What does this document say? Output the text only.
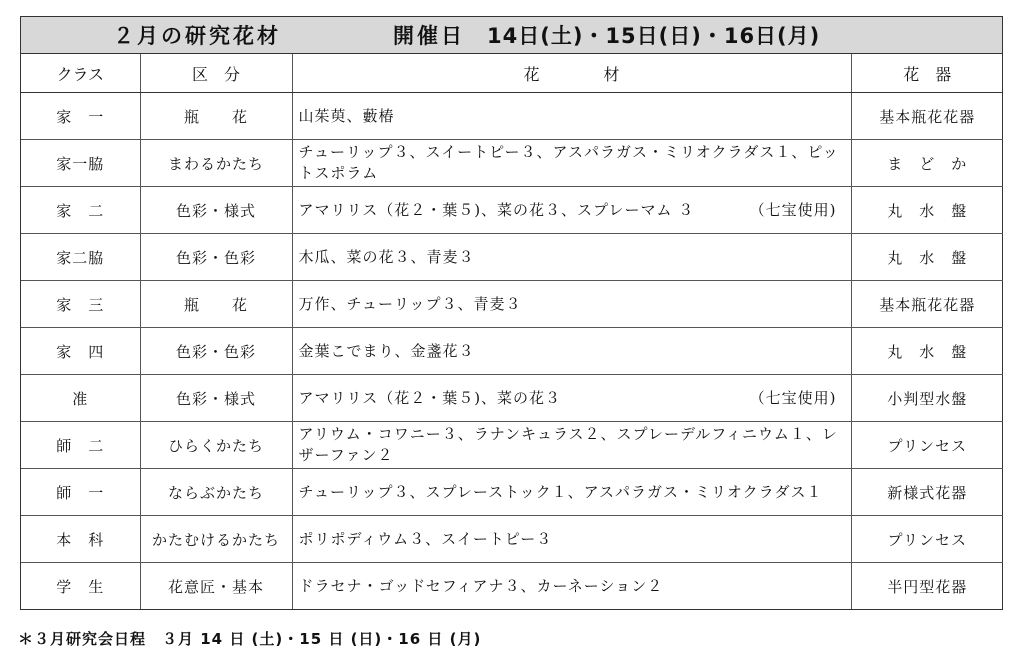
２月の研究花材	開催日 14日(土)・15日(日)・16日(月)
クラス	区　分	花　　　　材	花　器
家　一	瓶　　花	山茱萸、藪椿	基本瓶花花器
家一脇	まわるかたち	チューリップ３、スイートピー３、アスパラガス・ミリオクラダス１、ピットスポラム	ま　ど　か
家　二	色彩・様式	アマリリス（花２・葉５)、菜の花３、スプレーマム ３ （七宝使用)	丸　水　盤
家二脇	色彩・色彩	木瓜、菜の花３、青麦３	丸　水　盤
家　三	瓶　　花	万作、チューリップ３、青麦３	基本瓶花花器
家　四	色彩・色彩	金葉こでまり、金盞花３	丸　水　盤
准	色彩・様式	アマリリス（花２・葉５)、菜の花３ （七宝使用)	小判型水盤
師　二	ひらくかたち	アリウム・コワニー３、ラナンキュラス２、スプレーデルフィニウム１、レザーファン２	プリンセス
師　一	ならぶかたち	チューリップ３、スプレーストック１、アスパラガス・ミリオクラダス１	新様式花器
本　科	かたむけるかたち	ポリポディウム３、スイートピー３	プリンセス
学　生	花意匠・基本	ドラセナ・ゴッドセフィアナ３、カーネーション２	半円型花器
＊３月研究会日程　３月 14 日 (土)・15 日 (日)・16 日 (月)
